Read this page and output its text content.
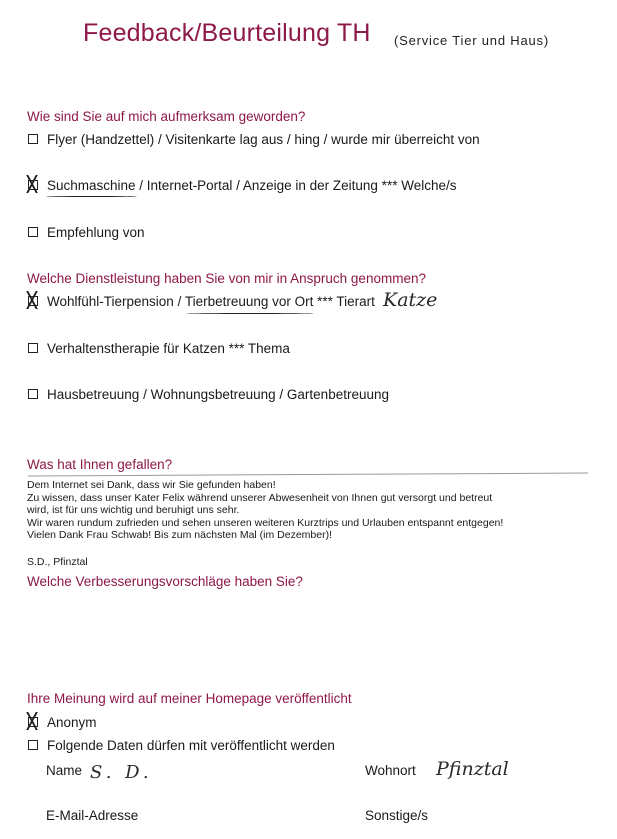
Feedback/Beurteilung TH (Service Tier und Haus)
Wie sind Sie auf mich aufmerksam geworden?
Flyer (Handzettel) / Visitenkarte lag aus / hing / wurde mir überreicht von
Suchmaschine / Internet-Portal / Anzeige in der Zeitung *** Welche/s
Empfehlung von
Welche Dienstleistung haben Sie von mir in Anspruch genommen?
Wohlfühl-Tierpension / Tierbetreuung vor Ort *** Tierart Katze
Verhaltenstherapie für Katzen *** Thema
Hausbetreuung / Wohnungsbetreuung / Gartenbetreuung
Was hat Ihnen gefallen?
Dem Internet sei Dank, dass wir Sie gefunden haben!
Zu wissen, dass unser Kater Felix während unserer Abwesenheit von Ihnen gut versorgt und betreut
wird, ist für uns wichtig und beruhigt uns sehr.
Wir waren rundum zufrieden und sehen unseren weiteren Kurztrips und Urlauben entspannt entgegen!
Vielen Dank Frau Schwab! Bis zum nächsten Mal (im Dezember)!
S.D., Pfinztal
Welche Verbesserungsvorschläge haben Sie?
Ihre Meinung wird auf meiner Homepage veröffentlicht
Anonym
Folgende Daten dürfen mit veröffentlicht werden
Name S. D.	Wohnort Pfinztal
E-Mail-Adresse	Sonstige/s
